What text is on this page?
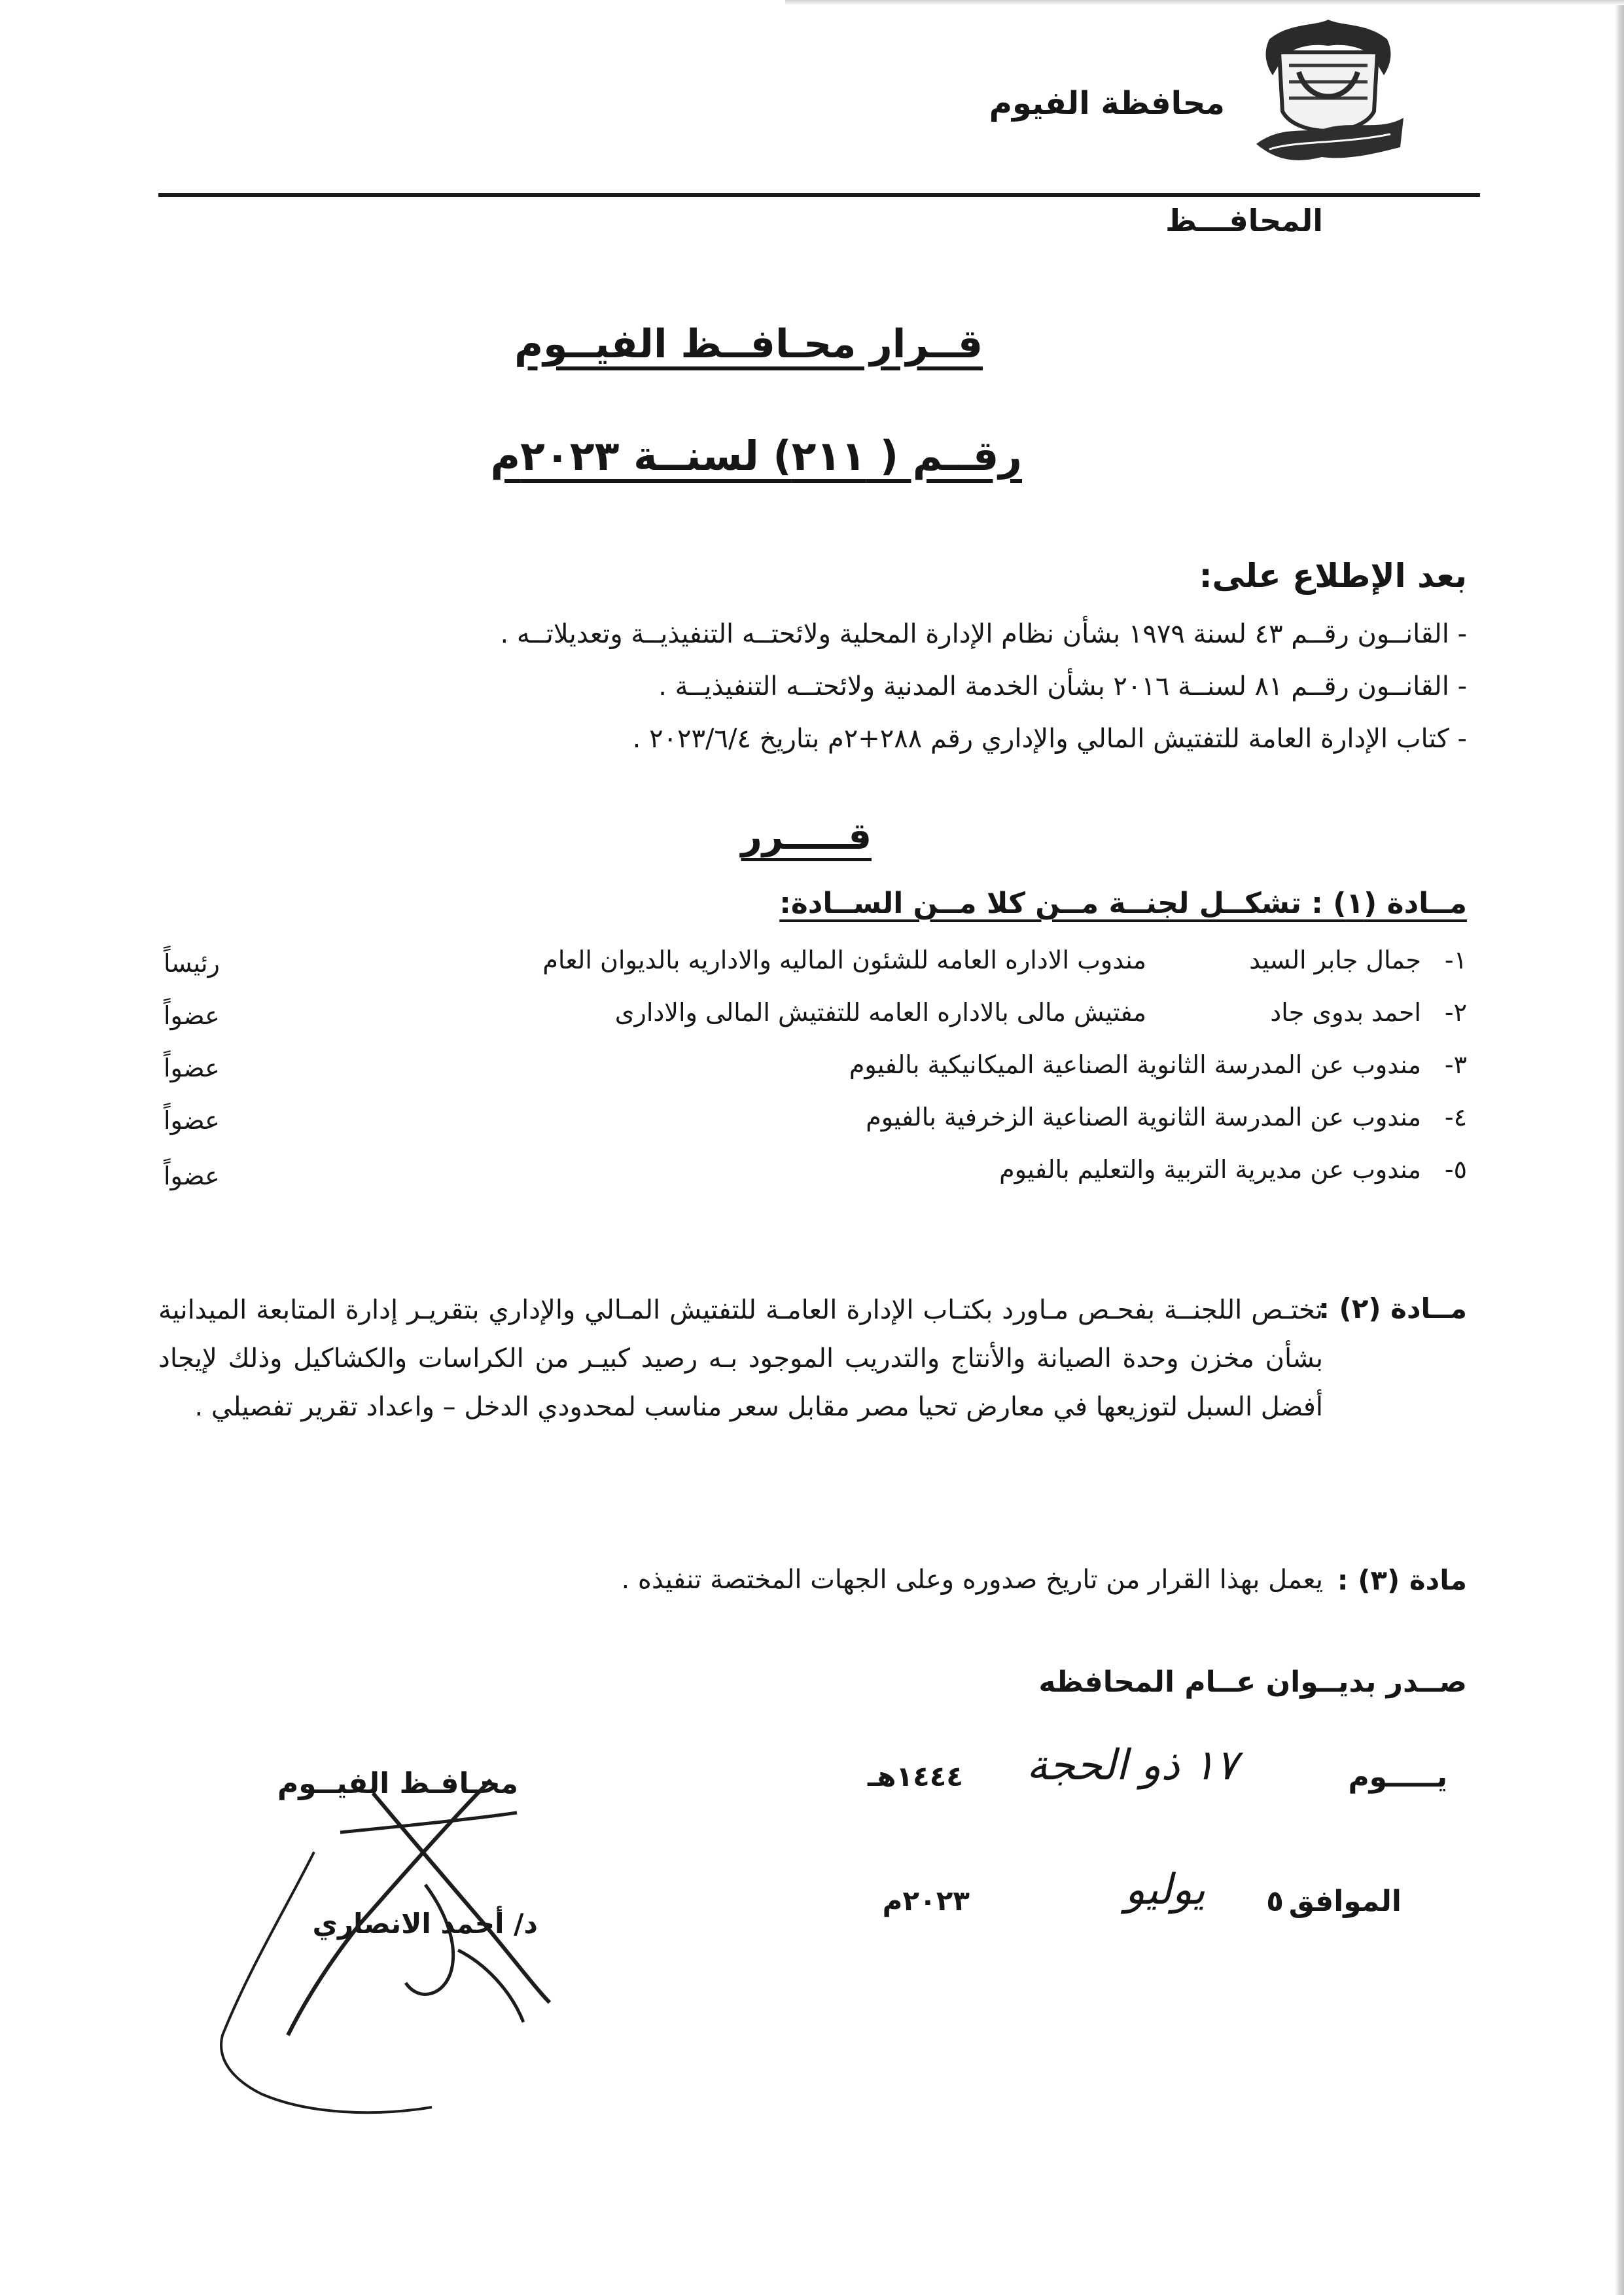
محافظة الفيوم
المحافـــظ
قــرار محـافــظ الفيــوم
رقــم ( ٢١١) لسنــة ٢٠٢٣م
بعد الإطلاع على:
- القانــون رقــم ٤٣ لسنة ١٩٧٩ بشأن نظام الإدارة المحلية ولائحتــه التنفيذيــة وتعديلاتــه .
- القانــون رقــم ٨١ لسنــة ٢٠١٦ بشأن الخدمة المدنية ولائحتــه التنفيذيــة .
- كتاب الإدارة العامة للتفتيش المالي والإداري رقم ٢٨٨+٢م بتاريخ ٢٠٢٣/٦/٤ .
قـــــرر
مــادة (١) : تشكــل لجنــة مــن كلا مــن الســادة:
١-
جمال جابر السيد
مندوب الاداره العامه للشئون الماليه والاداريه بالديوان العام
رئيساً
٢-
احمد بدوى جاد
مفتيش مالى بالاداره العامه للتفتيش المالى والادارى
عضواً
٣-
مندوب عن المدرسة الثانوية الصناعية الميكانيكية بالفيوم
عضواً
٤-
مندوب عن المدرسة الثانوية الصناعية الزخرفية بالفيوم
عضواً
٥-
مندوب عن مديرية التربية والتعليم بالفيوم
عضواً
مــادة (٢) :
تختـص اللجنــة بفحـص مـاورد بكتـاب الإدارة العامـة للتفتيش المـالي والإداري بتقريـر إدارة المتابعة الميدانية بشأن مخزن وحدة الصيانة والأنتاج والتدريب الموجود بـه رصيد كبيـر من الكراسات والكشاكيل وذلك لإيجاد أفضل السبل لتوزيعها في معارض تحيا مصر مقابل سعر مناسب لمحدودي الدخل – واعداد تقرير تفصيلي .
مادة (٣) :
يعمل بهذا القرار من تاريخ صدوره وعلى الجهات المختصة تنفيذه .
صــدر بديــوان عــام المحافظه
محـافـظ الفيــوم
د/ أحمد الانصاري
يـــــوم
١٧ ذو الحجة
١٤٤٤هـ
الموافق
٥
يوليو
٢٠٢٣م
